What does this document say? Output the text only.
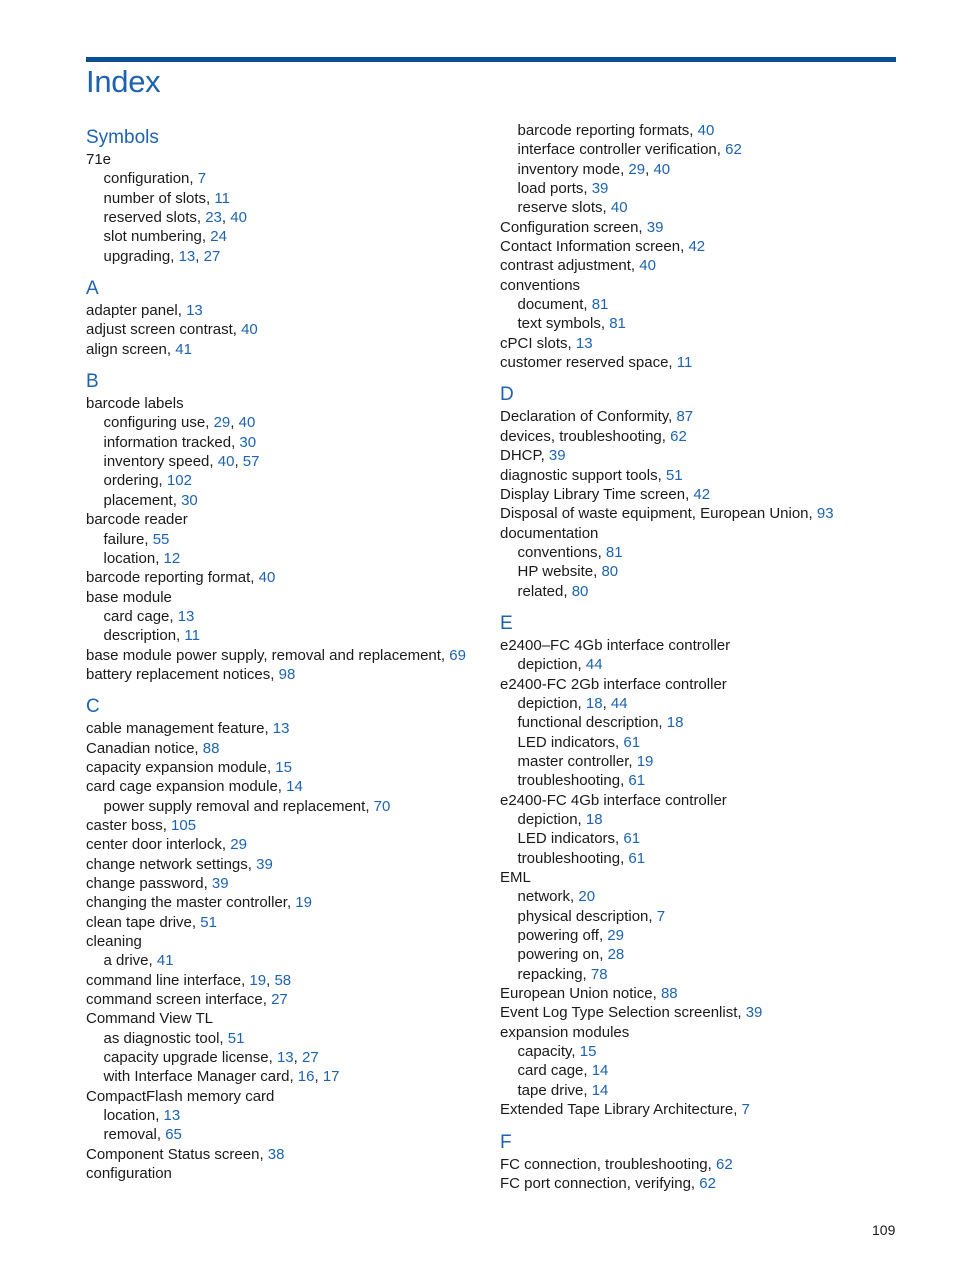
Index
Symbols
71e
configuration, 7
number of slots, 11
reserved slots, 23, 40
slot numbering, 24
upgrading, 13, 27
A
adapter panel, 13
adjust screen contrast, 40
align screen, 41
B
barcode labels
configuring use, 29, 40
information tracked, 30
inventory speed, 40, 57
ordering, 102
placement, 30
barcode reader
failure, 55
location, 12
barcode reporting format, 40
base module
card cage, 13
description, 11
base module power supply, removal and replacement, 69
battery replacement notices, 98
C
cable management feature, 13
Canadian notice, 88
capacity expansion module, 15
card cage expansion module, 14
power supply removal and replacement, 70
caster boss, 105
center door interlock, 29
change network settings, 39
change password, 39
changing the master controller, 19
clean tape drive, 51
cleaning
a drive, 41
command line interface, 19, 58
command screen interface, 27
Command View TL
as diagnostic tool, 51
capacity upgrade license, 13, 27
with Interface Manager card, 16, 17
CompactFlash memory card
location, 13
removal, 65
Component Status screen, 38
configuration
barcode reporting formats, 40
interface controller verification, 62
inventory mode, 29, 40
load ports, 39
reserve slots, 40
Configuration screen, 39
Contact Information screen, 42
contrast adjustment, 40
conventions
document, 81
text symbols, 81
cPCI slots, 13
customer reserved space, 11
D
Declaration of Conformity, 87
devices, troubleshooting, 62
DHCP, 39
diagnostic support tools, 51
Display Library Time screen, 42
Disposal of waste equipment, European Union, 93
documentation
conventions, 81
HP website, 80
related, 80
E
e2400–FC 4Gb interface controller
depiction, 44
e2400-FC 2Gb interface controller
depiction, 18, 44
functional description, 18
LED indicators, 61
master controller, 19
troubleshooting, 61
e2400-FC 4Gb interface controller
depiction, 18
LED indicators, 61
troubleshooting, 61
EML
network, 20
physical description, 7
powering off, 29
powering on, 28
repacking, 78
European Union notice, 88
Event Log Type Selection screenlist, 39
expansion modules
capacity, 15
card cage, 14
tape drive, 14
Extended Tape Library Architecture, 7
F
FC connection, troubleshooting, 62
FC port connection, verifying, 62
109
